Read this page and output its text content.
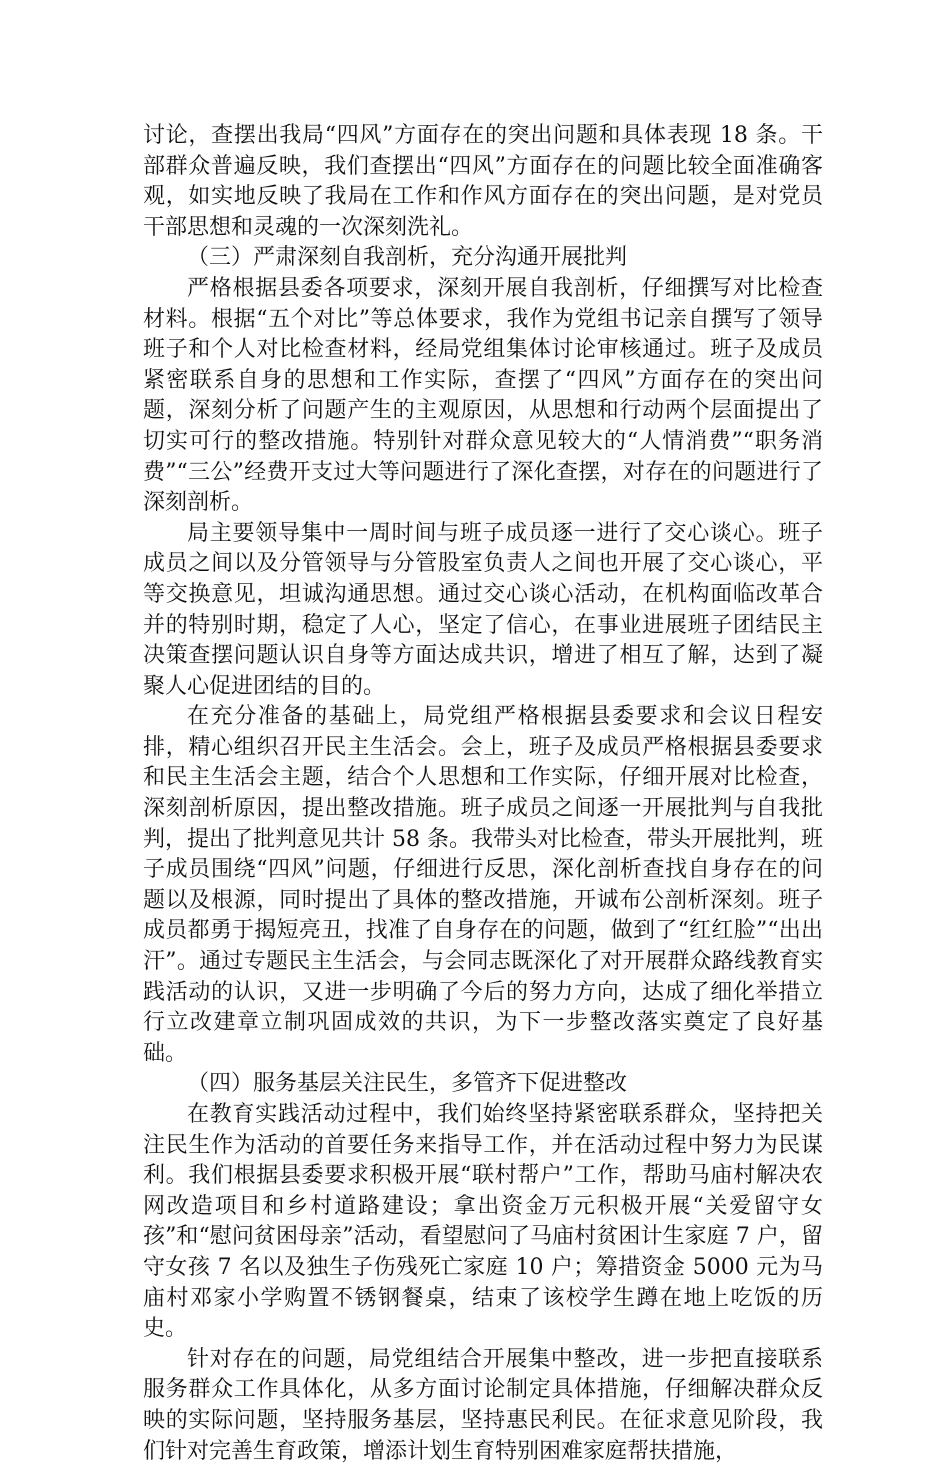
讨论，查摆出我局“四风”方面存在的突出问题和具体表现 18 条。干部群众普遍反映，我们查摆出“四风”方面存在的问题比较全面准确客观，如实地反映了我局在工作和作风方面存在的突出问题，是对党员干部思想和灵魂的一次深刻洗礼。

（三）严肃深刻自我剖析，充分沟通开展批判

严格根据县委各项要求，深刻开展自我剖析，仔细撰写对比检查材料。根据“五个对比”等总体要求，我作为党组书记亲自撰写了领导班子和个人对比检查材料，经局党组集体讨论审核通过。班子及成员紧密联系自身的思想和工作实际，查摆了“四风”方面存在的突出问题，深刻分析了问题产生的主观原因，从思想和行动两个层面提出了切实可行的整改措施。特别针对群众意见较大的“人情消费”“职务消费”“三公”经费开支过大等问题进行了深化查摆，对存在的问题进行了深刻剖析。

局主要领导集中一周时间与班子成员逐一进行了交心谈心。班子成员之间以及分管领导与分管股室负责人之间也开展了交心谈心，平等交换意见，坦诚沟通思想。通过交心谈心活动，在机构面临改革合并的特别时期，稳定了人心，坚定了信心，在事业进展班子团结民主决策查摆问题认识自身等方面达成共识，增进了相互了解，达到了凝聚人心促进团结的目的。

在充分准备的基础上，局党组严格根据县委要求和会议日程安排，精心组织召开民主生活会。会上，班子及成员严格根据县委要求和民主生活会主题，结合个人思想和工作实际，仔细开展对比检查，深刻剖析原因，提出整改措施。班子成员之间逐一开展批判与自我批判，提出了批判意见共计 58 条。我带头对比检查，带头开展批判，班子成员围绕“四风”问题，仔细进行反思，深化剖析查找自身存在的问题以及根源，同时提出了具体的整改措施，开诚布公剖析深刻。班子成员都勇于揭短亮丑，找准了自身存在的问题，做到了“红红脸”“出出汗”。通过专题民主生活会，与会同志既深化了对开展群众路线教育实践活动的认识，又进一步明确了今后的努力方向，达成了细化举措立行立改建章立制巩固成效的共识，为下一步整改落实奠定了良好基础。

（四）服务基层关注民生，多管齐下促进整改

在教育实践活动过程中，我们始终坚持紧密联系群众，坚持把关注民生作为活动的首要任务来指导工作，并在活动过程中努力为民谋利。我们根据县委要求积极开展“联村帮户”工作，帮助马庙村解决农网改造项目和乡村道路建设；拿出资金万元积极开展“关爱留守女孩”和“慰问贫困母亲”活动，看望慰问了马庙村贫困计生家庭 7 户，留守女孩 7 名以及独生子伤残死亡家庭 10 户；筹措资金 5000 元为马庙村邓家小学购置不锈钢餐桌，结束了该校学生蹲在地上吃饭的历史。

针对存在的问题，局党组结合开展集中整改，进一步把直接联系服务群众工作具体化，从多方面讨论制定具体措施，仔细解决群众反映的实际问题，坚持服务基层，坚持惠民利民。在征求意见阶段，我们针对完善生育政策，增添计划生育特别困难家庭帮扶措施，
